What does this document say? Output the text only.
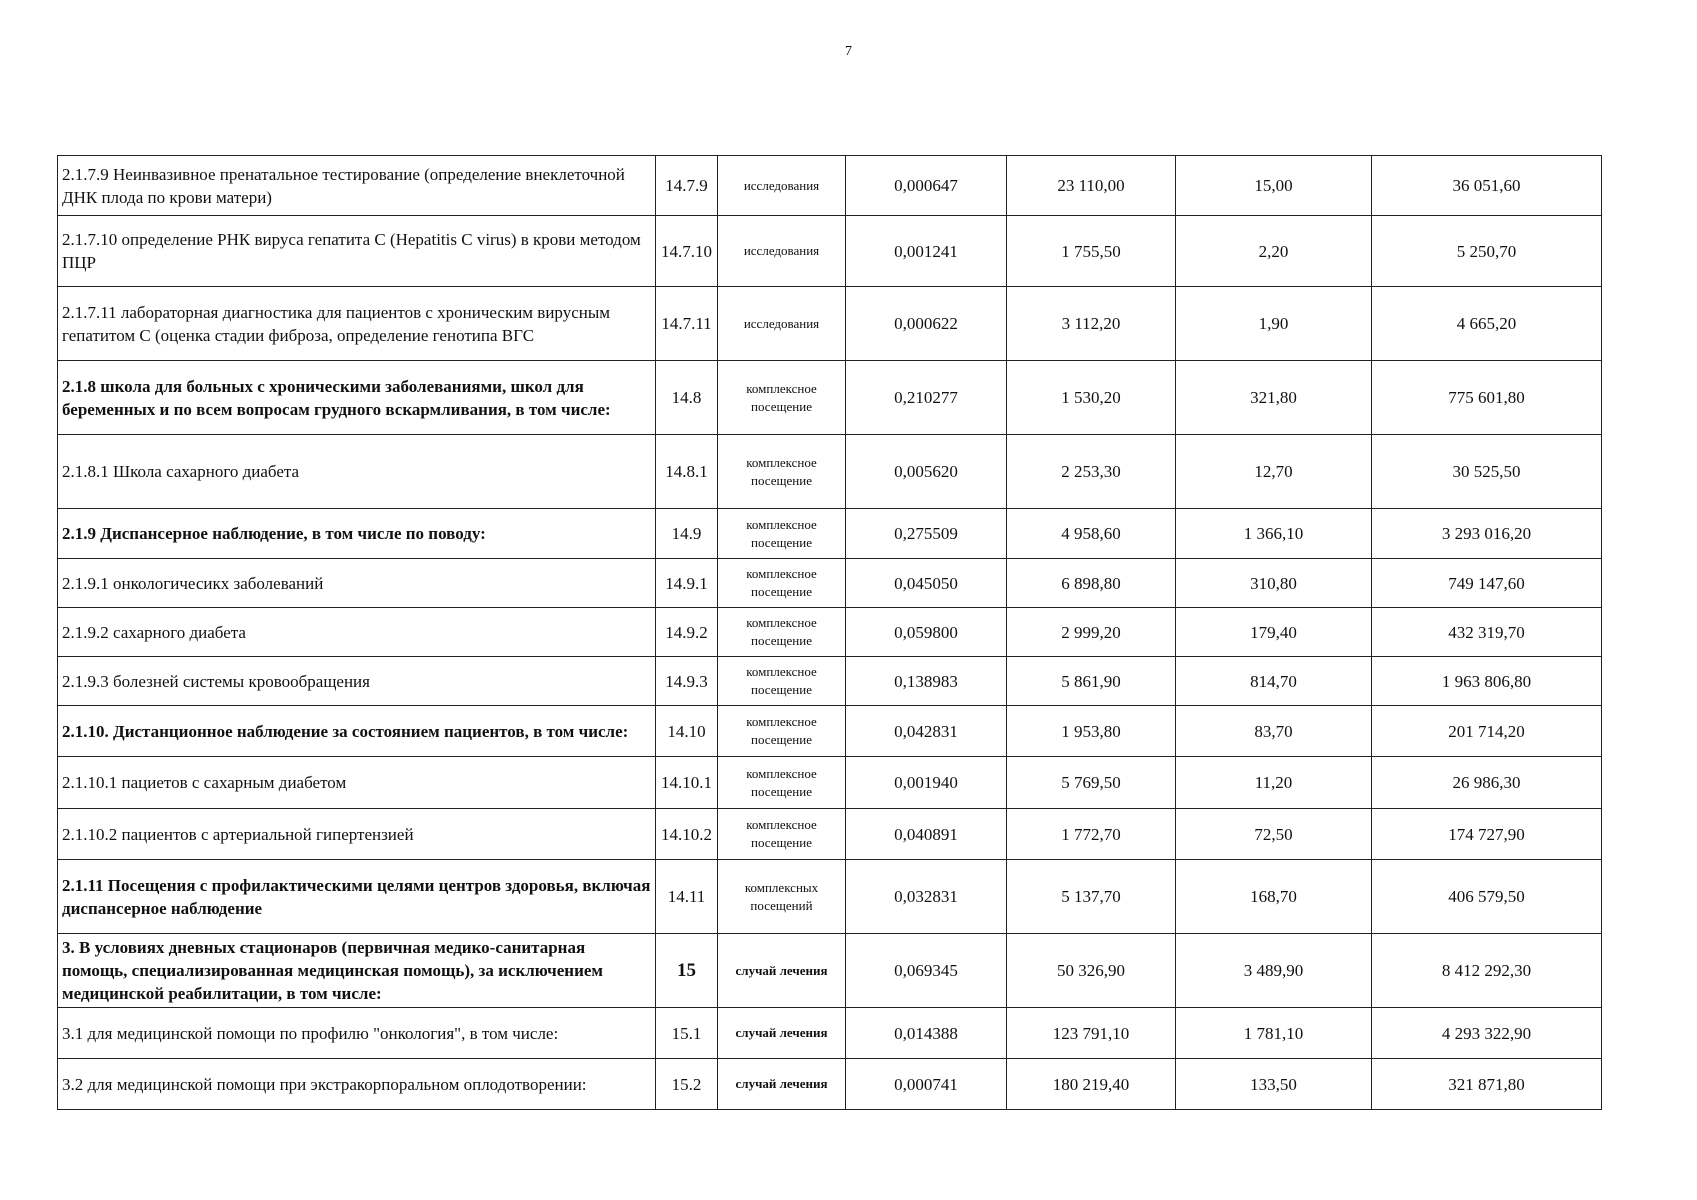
7
2.1.7.9 Неинвазивное пренатальное тестирование (определение внеклеточной ДНК плода по крови матери)	14.7.9	исследования	0,000647	23 110,00	15,00	36 051,60
2.1.7.10 определение РНК вируса гепатита С (Hepatitis C virus) в крови методом ПЦР	14.7.10	исследования	0,001241	1 755,50	2,20	5 250,70
2.1.7.11 лабораторная диагностика для пациентов с хроническим вирусным гепатитом С (оценка стадии фиброза, определение генотипа ВГС	14.7.11	исследования	0,000622	3 112,20	1,90	4 665,20
2.1.8 школа для больных с хроническими заболеваниями, школ для беременных и по всем вопросам грудного вскармливания, в том числе:	14.8	комплексное посещение	0,210277	1 530,20	321,80	775 601,80
2.1.8.1 Школа сахарного диабета	14.8.1	комплексное посещение	0,005620	2 253,30	12,70	30 525,50
2.1.9 Диспансерное наблюдение, в том числе по поводу:	14.9	комплексное посещение	0,275509	4 958,60	1 366,10	3 293 016,20
2.1.9.1 онкологичесикх заболеваний	14.9.1	комплексное посещение	0,045050	6 898,80	310,80	749 147,60
2.1.9.2 сахарного диабета	14.9.2	комплексное посещение	0,059800	2 999,20	179,40	432 319,70
2.1.9.3 болезней системы кровообращения	14.9.3	комплексное посещение	0,138983	5 861,90	814,70	1 963 806,80
2.1.10. Дистанционное наблюдение за состоянием пациентов, в том числе:	14.10	комплексное посещение	0,042831	1 953,80	83,70	201 714,20
2.1.10.1 пациетов с сахарным диабетом	14.10.1	комплексное посещение	0,001940	5 769,50	11,20	26 986,30
2.1.10.2 пациентов с артериальной гипертензией	14.10.2	комплексное посещение	0,040891	1 772,70	72,50	174 727,90
2.1.11 Посещения с профилактическими целями центров здоровья, включая диспансерное наблюдение	14.11	комплексных посещений	0,032831	5 137,70	168,70	406 579,50
3. В условиях дневных стационаров (первичная медико-санитарная помощь, специализированная медицинская помощь), за исключением медицинской реабилитации, в том числе:	15	случай лечения	0,069345	50 326,90	3 489,90	8 412 292,30
3.1 для медицинской помощи по профилю "онкология", в том числе:	15.1	случай лечения	0,014388	123 791,10	1 781,10	4 293 322,90
3.2 для медицинской помощи при экстракорпоральном оплодотворении:	15.2	случай лечения	0,000741	180 219,40	133,50	321 871,80
